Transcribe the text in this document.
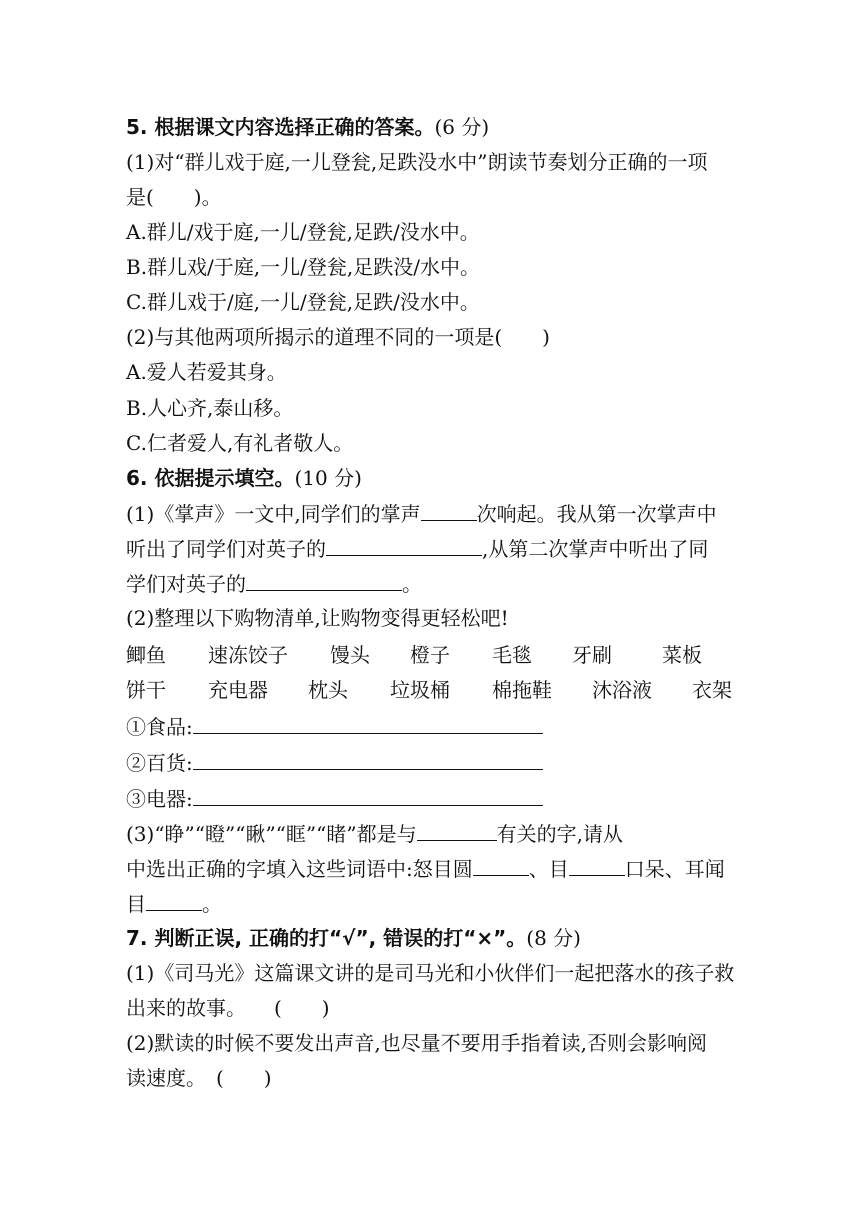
5. 根据课文内容选择正确的答案。(6 分)
(1)对“群儿戏于庭,一儿登瓮,足跌没水中”朗读节奏划分正确的一项
是(　　)。
A.群儿/戏于庭,一儿/登瓮,足跌/没水中。
B.群儿戏/于庭,一儿/登瓮,足跌没/水中。
C.群儿戏于/庭,一儿/登瓮,足跌/没水中。
(2)与其他两项所揭示的道理不同的一项是(　　)
A.爱人若爱其身。
B.人心齐,泰山移。
C.仁者爱人,有礼者敬人。
6. 依据提示填空。(10 分)
(1)《掌声》一文中,同学们的掌声	次响起。我从第一次掌声中
听出了同学们对英子的	,从第二次掌声中听出了同
学们对英子的	。
(2)整理以下购物清单,让购物变得更轻松吧!
鲫鱼 速冻饺子 馒头 橙子 毛毯 牙刷	菜板
饼干 充电器 枕头 垃圾桶 棉拖鞋 沐浴液 衣架
①食品:
②百货:
③电器:
(3)“睁”“瞪”“瞅”“眶”“睹”都是与	有关的字,请从
中选出正确的字填入这些词语中:怒目圆	、目	口呆、耳闻
目	。
7. 判断正误, 正确的打“√”, 错误的打“×”。(8 分)
(1)《司马光》这篇课文讲的是司马光和小伙伴们一起把落水的孩子救
出来的故事。 (　　)
(2)默读的时候不要发出声音,也尽量不要用手指着读,否则会影响阅
读速度。 (　　)
